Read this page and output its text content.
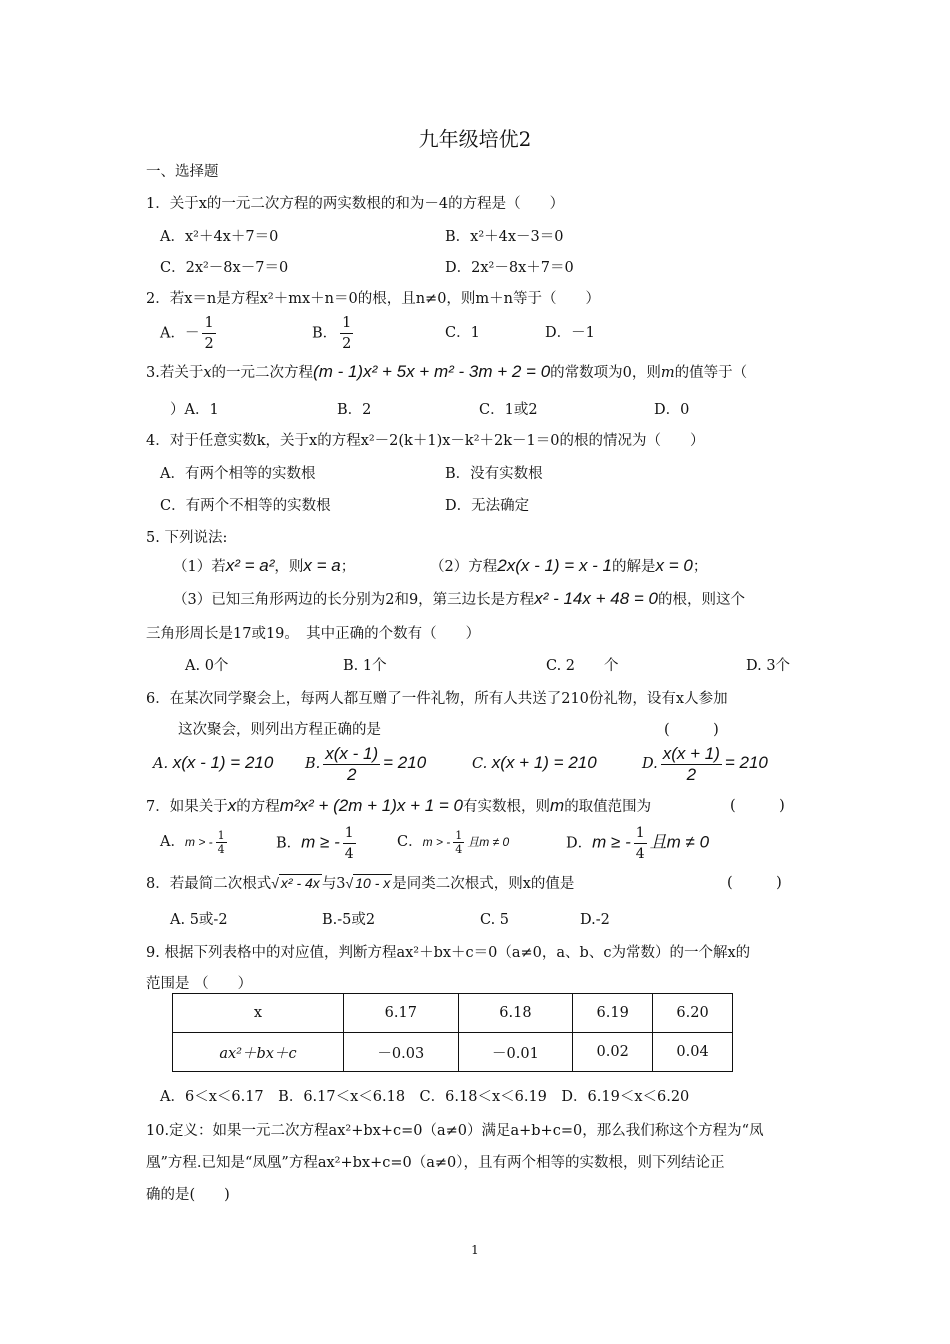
九年级培优2
一、选择题
1．关于x的一元二次方程的两实数根的和为－4的方程是（　　）
A．x²＋4x＋7＝0	B．x²＋4x－3＝0
C．2x²－8x－7＝0	D．2x²－8x＋7＝0
2．若x＝n是方程x²＋mx＋n＝0的根，且n≠0，则m＋n等于（　　）
A．－ $\frac{1}{2}$	B． $\frac{1}{2}$	C．1	D．－1
3.若关于x的一元二次方程(m - 1)x² + 5x + m² - 3m + 2 = 0的常数项为0，则m的值等于（
）A．1	B．2	C．1或2	D．0
4．对于任意实数k，关于x的方程x²－2(k＋1)x－k²＋2k－1＝0的根的情况为（　　）
A．有两个相等的实数根	B．没有实数根
C．有两个不相等的实数根	D．无法确定
5. 下列说法:
（1）若x² = a²，则x = a；	（2）方程2x(x - 1) = x - 1的解是x = 0；
（3）已知三角形两边的长分别为2和9，第三边长是方程x² - 14x + 48 = 0的根，则这个
三角形周长是17或19。　其中正确的个数有（　　）
A. 0个	B. 1个	C. 2　　个	D. 3个
6．在某次同学聚会上，每两人都互赠了一件礼物，所有人共送了210份礼物，设有x人参加
这次聚会，则列出方程正确的是	(　　　)
A. x(x - 1) = 210 B. $\frac{x(x - 1)}{2} = 210$	C. x(x + 1) = 210	D. $\frac{x(x + 1)}{2} = 210$
7．如果关于x的方程m²x² + (2m + 1)x + 1 = 0有实数根，则m的取值范围为	(　　　)
A．m > - $\frac{1}{4}$	B．m ≥ - $\frac{1}{4}$	C．m > - $\frac{1}{4}$ 且m ≠ 0	D．m ≥ - $\frac{1}{4}$ 且m ≠ 0
8．若最简二次根式√ x² - 4x 与3√ 10 - x 是同类二次根式，则x的值是	(　　　)
A. 5或-2	B.-5或2	C. 5	D.-2
9. 根据下列表格中的对应值，判断方程ax²＋bx＋c＝0（a≠0，a、b、c为常数）的一个解x的
范围是 （　　）
x	6.17	6.18	6.19	6.20
ax²＋bx＋c	－0.03	－0.01	0.02	0.04
A．6＜x＜6.17　B．6.17＜x＜6.18　C．6.18＜x＜6.19　D．6.19＜x＜6.20
10.定义：如果一元二次方程ax²+bx+c=0（a≠0）满足a+b+c=0，那么我们称这个方程为“凤
凰”方程.已知是“凤凰”方程ax²+bx+c=0（a≠0），且有两个相等的实数根，则下列结论正
确的是(　　)
1
